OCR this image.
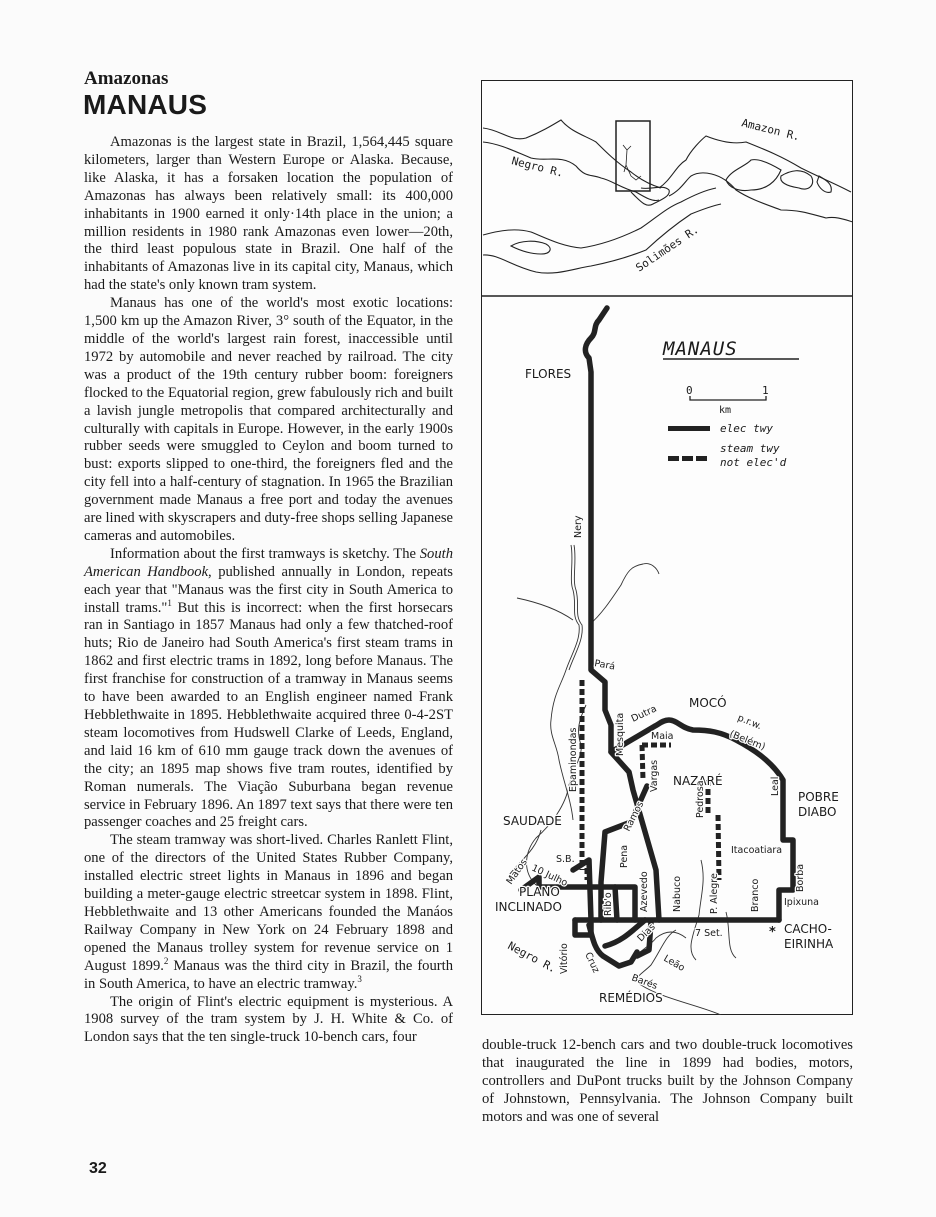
Amazonas
MANAUS

Amazonas is the largest state in Brazil, 1,564,445 square kilometers, larger than Western Europe or Alaska. Because, like Alaska, it has a forsaken location the population of Amazonas has always been relatively small: its 400,000 inhabitants in 1900 earned it only·14th place in the union; a million residents in 1980 rank Amazonas even lower—20th, the third least populous state in Brazil. One half of the inhabitants of Amazonas live in its capital city, Manaus, which had the state's only known tram system.

Manaus has one of the world's most exotic locations: 1,500 km up the Amazon River, 3° south of the Equator, in the middle of the world's largest rain forest, inaccessible until 1972 by automobile and never reached by railroad. The city was a product of the 19th century rubber boom: foreigners flocked to the Equatorial region, grew fabulously rich and built a lavish jungle metropolis that compared architecturally and culturally with capitals in Europe. However, in the early 1900s rubber seeds were smuggled to Ceylon and boom turned to bust: exports slipped to one-third, the foreigners fled and the city fell into a half-century of stagnation. In 1965 the Brazilian government made Manaus a free port and today the avenues are lined with skyscrapers and duty-free shops selling Japanese cameras and automobiles.

Information about the first tramways is sketchy. The South American Handbook, published annually in London, repeats each year that "Manaus was the first city in South America to install trams."$^1$ But this is incorrect: when the first horsecars ran in Santiago in 1857 Manaus had only a few thatched-roof huts; Rio de Janeiro had South America's first steam trams in 1862 and first electric trams in 1892, long before Manaus. The first franchise for construction of a tramway in Manaus seems to have been awarded to an English engineer named Frank Hebblethwaite in 1895. Hebblethwaite acquired three 0-4-2ST steam locomotives from Hudswell Clarke of Leeds, England, and laid 16 km of 610 mm gauge track down the avenues of the city; an 1895 map shows five tram routes, identified by Roman numerals. The Viação Suburbana began revenue service in February 1896. An 1897 text says that there were ten passenger coaches and 25 freight cars.

The steam tramway was short-lived. Charles Ranlett Flint, one of the directors of the United States Rubber Company, installed electric street lights in Manaus in 1896 and began building a meter-gauge electric streetcar system in 1898. Flint, Hebblethwaite and 13 other Americans founded the Manáos Railway Company in New York on 24 February 1898 and opened the Manaus trolley system for revenue service on 1 August 1899.$^2$ Manaus was the third city in Brazil, the fourth in South America, to have an electric tramway.$^3$

The origin of Flint's electric equipment is mysterious. A 1908 survey of the tram system by J. H. White & Co. of London says that the ten single-truck 10-bench cars, four	double-truck 12-bench cars and two double-truck locomotives that inaugurated the line in 1899 had bodies, motors, controllers and DuPont trucks built by the Johnson Company of Johnstown, Pennsylvania. The Johnson Company built motors and was one of several

Amazon R.
Negro R.
Solimões R.
MANAUS
0	1
km
elec twy
steam twy
not elec'd
FLORES
MOCÓ
NAZARÉ
POBRE
DIABO
SAUDADE
PLANO
INCLINADO
CACHO-
EIRINHA
REMÉDIOS
*
Nery
Pará
Dutra	p.r.w.
(Belém)
Mesquita
Epaminondas	Maia
Vargas
Ramos
Leal
Pedrosa
Itacoatiara
Pena
S.B.
10 Julho
Matos
Rib'o	Azevedo Nabuco	P. Alegre	Branco
Borba
Ipixuna
7 Set.
Vitório Cruz
Dias
Leão
Barés
Negro R.
32
